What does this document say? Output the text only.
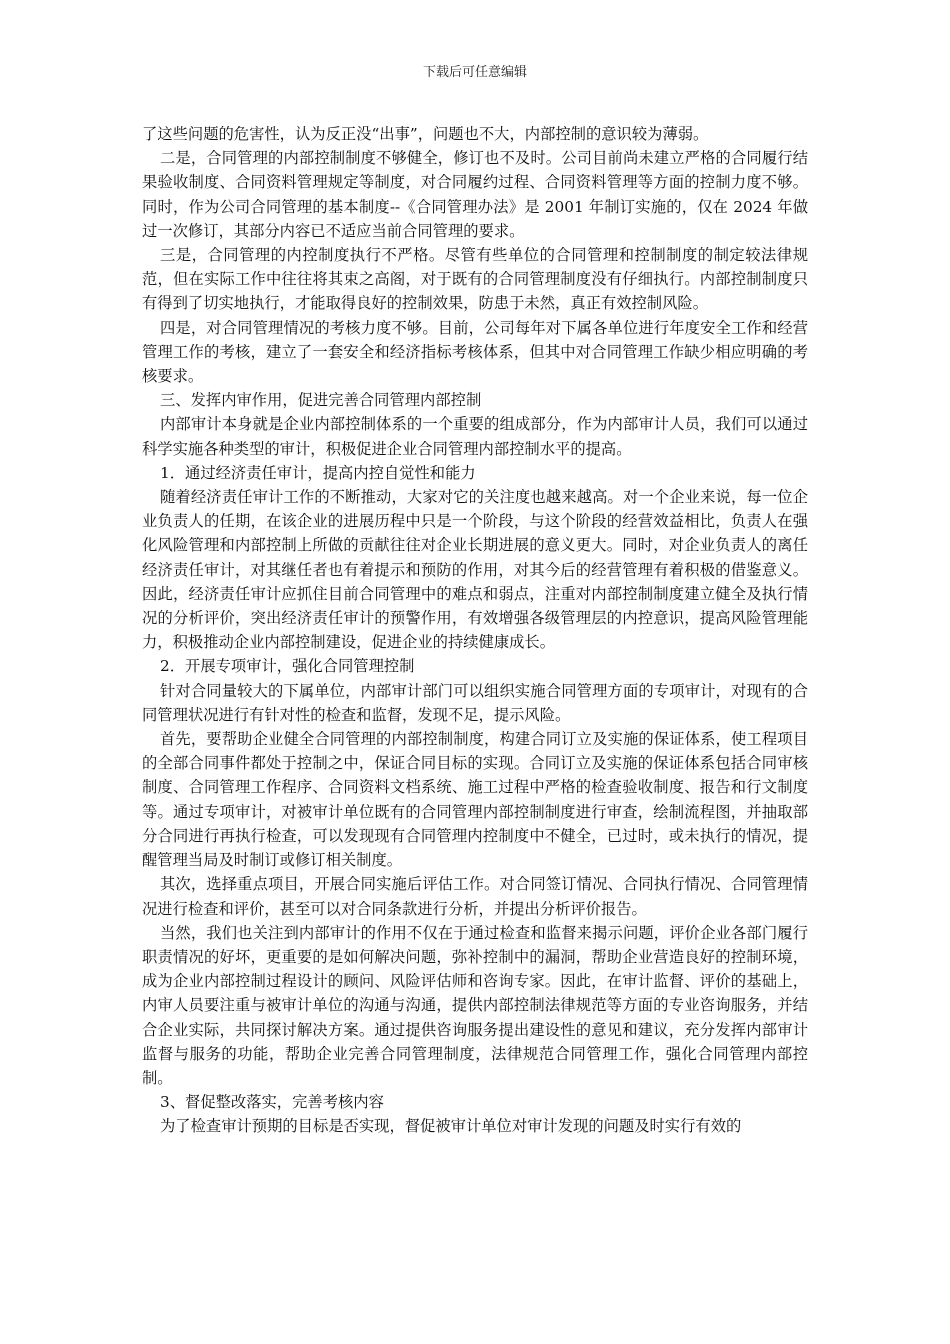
下载后可任意编辑

了这些问题的危害性，认为反正没“出事”，问题也不大，内部控制的意识较为薄弱。

二是，合同管理的内部控制制度不够健全，修订也不及时。公司目前尚未建立严格的合同履行结果验收制度、合同资料管理规定等制度，对合同履约过程、合同资料管理等方面的控制力度不够。同时，作为公司合同管理的基本制度--《合同管理办法》是 2001 年制订实施的，仅在 2024 年做过一次修订，其部分内容已不适应当前合同管理的要求。

三是，合同管理的内控制度执行不严格。尽管有些单位的合同管理和控制制度的制定较法律规范，但在实际工作中往往将其束之高阁，对于既有的合同管理制度没有仔细执行。内部控制制度只有得到了切实地执行，才能取得良好的控制效果，防患于未然，真正有效控制风险。

四是，对合同管理情况的考核力度不够。目前，公司每年对下属各单位进行年度安全工作和经营管理工作的考核，建立了一套安全和经济指标考核体系，但其中对合同管理工作缺少相应明确的考核要求。

三、发挥内审作用，促进完善合同管理内部控制

内部审计本身就是企业内部控制体系的一个重要的组成部分，作为内部审计人员，我们可以通过科学实施各种类型的审计，积极促进企业合同管理内部控制水平的提高。

1．通过经济责任审计，提高内控自觉性和能力

随着经济责任审计工作的不断推动，大家对它的关注度也越来越高。对一个企业来说，每一位企业负责人的任期，在该企业的进展历程中只是一个阶段，与这个阶段的经营效益相比，负责人在强化风险管理和内部控制上所做的贡献往往对企业长期进展的意义更大。同时，对企业负责人的离任经济责任审计，对其继任者也有着提示和预防的作用，对其今后的经营管理有着积极的借鉴意义。因此，经济责任审计应抓住目前合同管理中的难点和弱点，注重对内部控制制度建立健全及执行情况的分析评价，突出经济责任审计的预警作用，有效增强各级管理层的内控意识，提高风险管理能力，积极推动企业内部控制建设，促进企业的持续健康成长。

2．开展专项审计，强化合同管理控制

针对合同量较大的下属单位，内部审计部门可以组织实施合同管理方面的专项审计，对现有的合同管理状况进行有针对性的检查和监督，发现不足，提示风险。

首先，要帮助企业健全合同管理的内部控制制度，构建合同订立及实施的保证体系，使工程项目的全部合同事件都处于控制之中，保证合同目标的实现。合同订立及实施的保证体系包括合同审核制度、合同管理工作程序、合同资料文档系统、施工过程中严格的检查验收制度、报告和行文制度等。通过专项审计，对被审计单位既有的合同管理内部控制制度进行审查，绘制流程图，并抽取部分合同进行再执行检查，可以发现现有合同管理内控制度中不健全，已过时，或未执行的情况，提醒管理当局及时制订或修订相关制度。

其次，选择重点项目，开展合同实施后评估工作。对合同签订情况、合同执行情况、合同管理情况进行检查和评价，甚至可以对合同条款进行分析，并提出分析评价报告。

当然，我们也关注到内部审计的作用不仅在于通过检查和监督来揭示问题，评价企业各部门履行职责情况的好坏，更重要的是如何解决问题，弥补控制中的漏洞，帮助企业营造良好的控制环境，成为企业内部控制过程设计的顾问、风险评估师和咨询专家。因此，在审计监督、评价的基础上，内审人员要注重与被审计单位的沟通与沟通，提供内部控制法律规范等方面的专业咨询服务，并结合企业实际，共同探讨解决方案。通过提供咨询服务提出建设性的意见和建议，充分发挥内部审计监督与服务的功能，帮助企业完善合同管理制度，法律规范合同管理工作，强化合同管理内部控制。

3、督促整改落实，完善考核内容

为了检查审计预期的目标是否实现，督促被审计单位对审计发现的问题及时实行有效的
